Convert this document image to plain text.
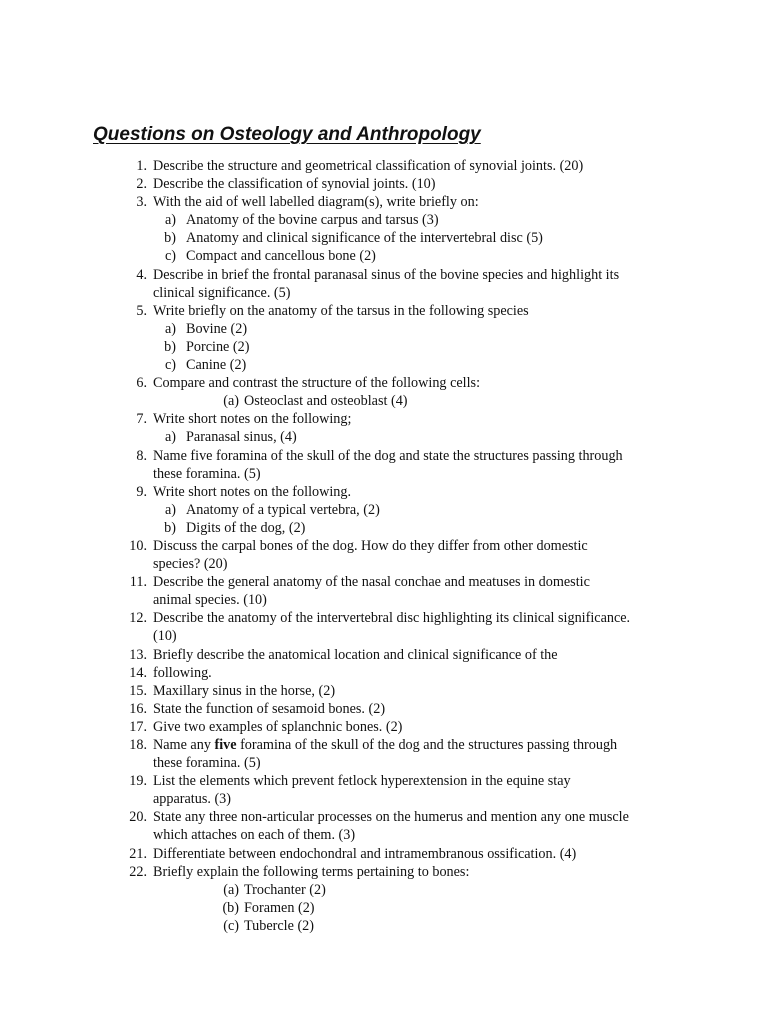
Questions on Osteology and Anthropology
1. Describe the structure and geometrical classification of synovial joints. (20)
2. Describe the classification of synovial joints. (10)
3. With the aid of well labelled diagram(s), write briefly on:
a) Anatomy of the bovine carpus and tarsus (3)
b) Anatomy and clinical significance of the intervertebral disc (5)
c) Compact and cancellous bone (2)
4. Describe in brief the frontal paranasal sinus of the bovine species and highlight its
clinical significance. (5)
5. Write briefly on the anatomy of the tarsus in the following species
a) Bovine (2)
b) Porcine (2)
c) Canine (2)
6. Compare and contrast the structure of the following cells:
(a) Osteoclast and osteoblast (4)
7. Write short notes on the following;
a) Paranasal sinus, (4)
8. Name five foramina of the skull of the dog and state the structures passing through
these foramina. (5)
9. Write short notes on the following.
a) Anatomy of a typical vertebra, (2)
b) Digits of the dog, (2)
10. Discuss the carpal bones of the dog. How do they differ from other domestic
species? (20)
11. Describe the general anatomy of the nasal conchae and meatuses in domestic
animal species. (10)
12. Describe the anatomy of the intervertebral disc highlighting its clinical significance.
(10)
13. Briefly describe the anatomical location and clinical significance of the
14. following.
15. Maxillary sinus in the horse, (2)
16. State the function of sesamoid bones. (2)
17. Give two examples of splanchnic bones. (2)
18. Name any five foramina of the skull of the dog and the structures passing through
these foramina. (5)
19. List the elements which prevent fetlock hyperextension in the equine stay
apparatus. (3)
20. State any three non-articular processes on the humerus and mention any one muscle
which attaches on each of them. (3)
21. Differentiate between endochondral and intramembranous ossification. (4)
22. Briefly explain the following terms pertaining to bones:
(a) Trochanter (2)
(b) Foramen (2)
(c) Tubercle (2)
